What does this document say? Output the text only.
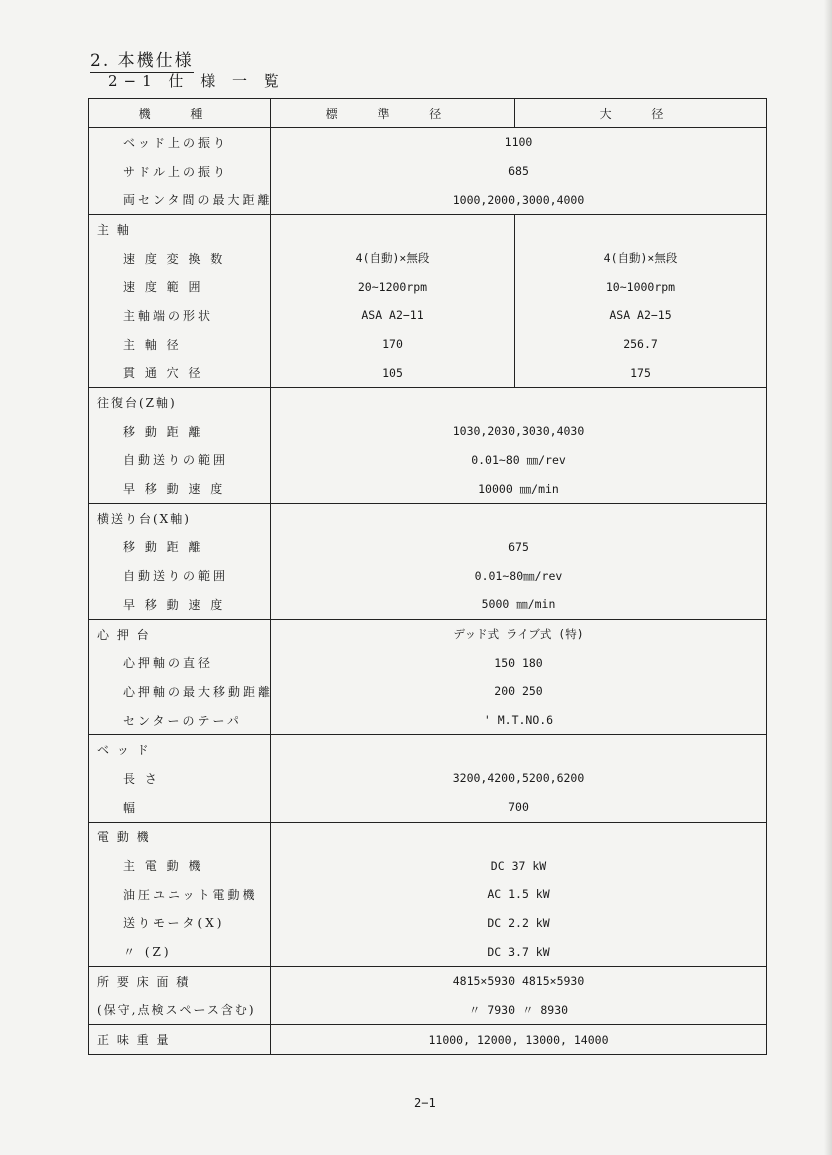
2. 本機仕様
2−1 仕 様 一 覧
機 種	標 準 径	大 径
ベッド上の振り	1100	
サドル上の振り	685	
両センタ間の最大距離	1000,2000,3000,4000	
主 軸		
速 度 変 換 数	4(自動)×無段	4(自動)×無段
速 度 範 囲	20~1200rpm	10~1000rpm
主軸端の形状	ASA A2−11	ASA A2−15
主 軸 径	170	256.7
貫 通 穴 径	105	175
往復台(Z軸)		
移 動 距 離	1030,2030,3030,4030	
自動送りの範囲	0.01~80 ㎜/rev	
早 移 動 速 度	10000 ㎜/min	
横送り台(X軸)		
移 動 距 離	675	
自動送りの範囲	0.01~80㎜/rev	
早 移 動 速 度	5000 ㎜/min	
心 押 台	デッド式 ライブ式 (特)	
心押軸の直径	150 180	
心押軸の最大移動距離	200 250	
センターのテーパ	' M.T.NO.6	
ベ ッ ド		
長 さ	3200,4200,5200,6200	
幅	700	
電 動 機		
主 電 動 機	DC 37 kW	
油圧ユニット電動機	AC 1.5 kW	
送りモータ(X)	DC 2.2 kW	
〃 (Z)	DC 3.7 kW	
所 要 床 面 積	4815×5930 4815×5930	
(保守,点検スペース含む)	〃 7930 〃 8930	
正 味 重 量	11000, 12000, 13000, 14000	
2−1
